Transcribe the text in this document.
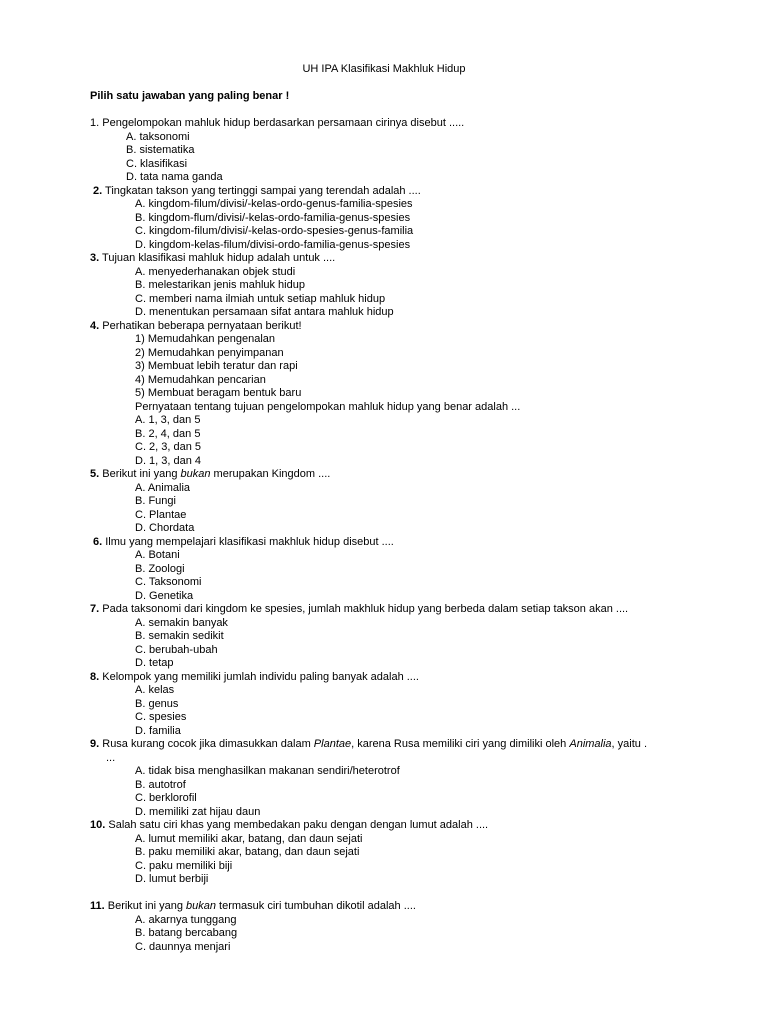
UH IPA Klasifikasi Makhluk Hidup
Pilih satu jawaban yang paling benar !
1. Pengelompokan mahluk hidup berdasarkan persamaan cirinya disebut .....
A. taksonomi
B. sistematika
C. klasifikasi
D. tata nama ganda
2. Tingkatan takson yang tertinggi sampai yang terendah adalah ....
A. kingdom-filum/divisi/-kelas-ordo-genus-familia-spesies
B. kingdom-flum/divisi/-kelas-ordo-familia-genus-spesies
C. kingdom-filum/divisi/-kelas-ordo-spesies-genus-familia
D. kingdom-kelas-filum/divisi-ordo-familia-genus-spesies
3. Tujuan klasifikasi mahluk hidup adalah untuk ....
A. menyederhanakan objek studi
B. melestarikan jenis mahluk hidup
C. memberi nama ilmiah untuk setiap mahluk hidup
D. menentukan persamaan sifat antara mahluk hidup
4. Perhatikan beberapa pernyataan berikut!
1) Memudahkan pengenalan
2) Memudahkan penyimpanan
3) Membuat lebih teratur dan rapi
4) Memudahkan pencarian
5) Membuat beragam bentuk baru
Pernyataan tentang tujuan pengelompokan mahluk hidup yang benar adalah ...
A. 1, 3, dan 5
B. 2, 4, dan 5
C. 2, 3, dan 5
D. 1, 3, dan 4
5. Berikut ini yang bukan merupakan Kingdom ....
A. Animalia
B. Fungi
C. Plantae
D. Chordata
6. Ilmu yang mempelajari klasifikasi makhluk hidup disebut ....
A. Botani
B. Zoologi
C. Taksonomi
D. Genetika
7. Pada taksonomi dari kingdom ke spesies, jumlah makhluk hidup yang berbeda dalam setiap takson akan ....
A. semakin banyak
B. semakin sedikit
C. berubah-ubah
D. tetap
8. Kelompok yang memiliki jumlah individu paling banyak adalah ....
A. kelas
B. genus
C. spesies
D. familia
9. Rusa kurang cocok jika dimasukkan dalam Plantae, karena Rusa memiliki ciri yang dimiliki oleh Animalia, yaitu .
...
A. tidak bisa menghasilkan makanan sendiri/heterotrof
B. autotrof
C. berklorofil
D. memiliki zat hijau daun
10. Salah satu ciri khas yang membedakan paku dengan dengan lumut adalah ....
A. lumut memiliki akar, batang, dan daun sejati
B. paku memiliki akar, batang, dan daun sejati
C. paku memiliki biji
D. lumut berbiji
11. Berikut ini yang bukan termasuk ciri tumbuhan dikotil adalah ....
A. akarnya tunggang
B. batang bercabang
C. daunnya menjari
